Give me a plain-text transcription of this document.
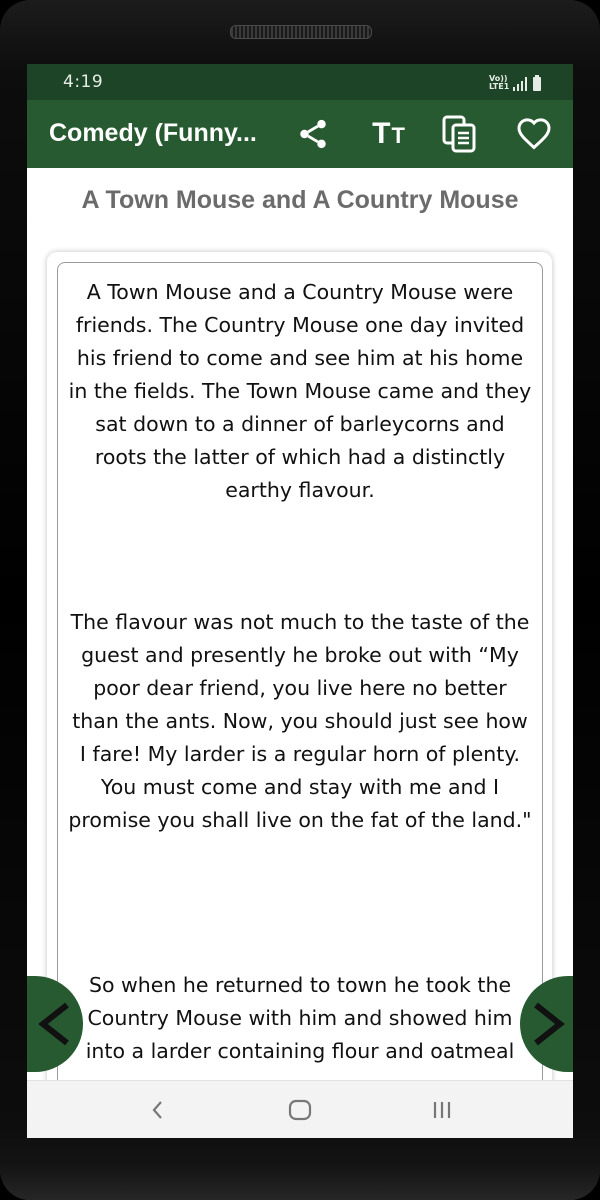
4:19	Vo))
LTE1
Comedy (Funny...	TT
A Town Mouse and A Country Mouse

A Town Mouse and a Country Mouse were friends. The Country Mouse one day invited his friend to come and see him at his home in the fields. The Town Mouse came and they sat down to a dinner of barleycorns and roots the latter of which had a distinctly earthy flavour.

The flavour was not much to the taste of the guest and presently he broke out with “My poor dear friend, you live here no better than the ants. Now, you should just see how I fare! My larder is a regular horn of plenty. You must come and stay with me and I promise you shall live on the fat of the land."

So when he returned to town he took the Country Mouse with him and showed him into a larder containing flour and oatmeal
